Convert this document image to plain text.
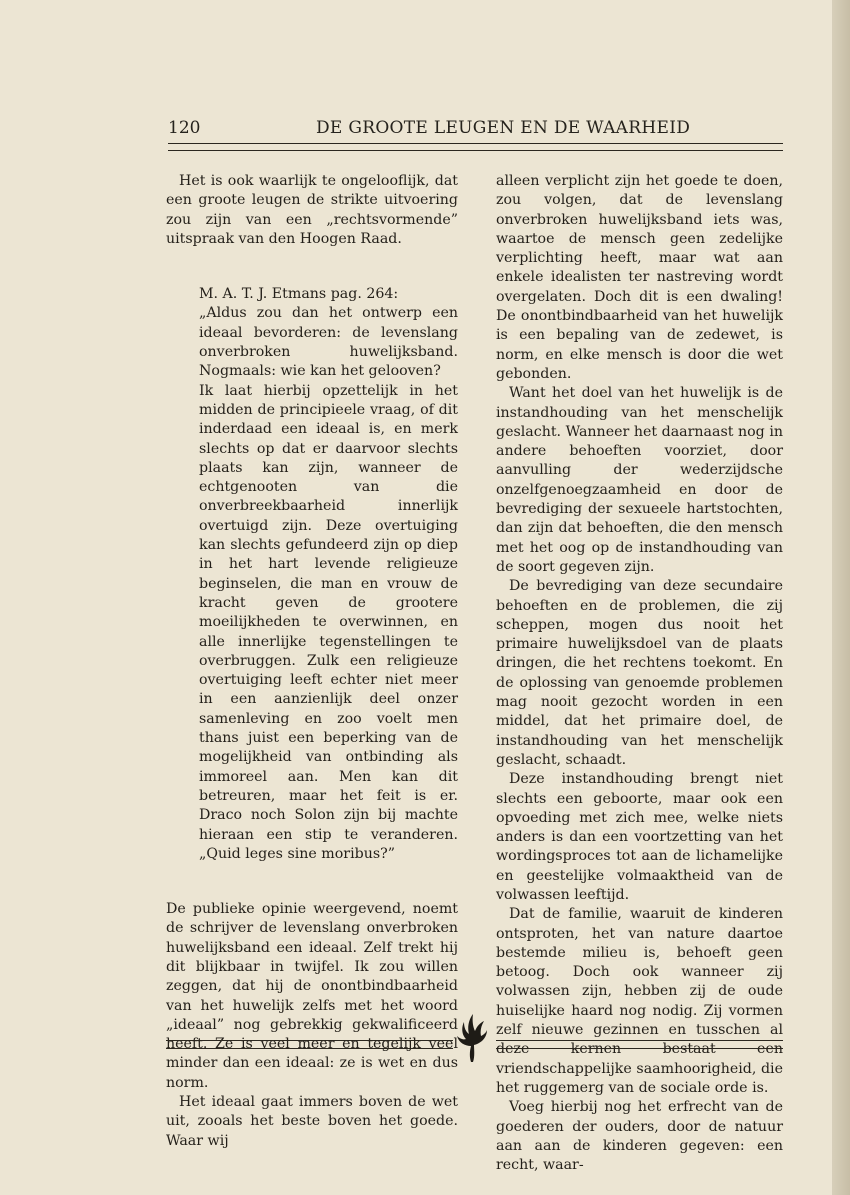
120	DE GROOTE LEUGEN EN DE WAARHEID

Het is ook waarlijk te ongelooflijk, dat een groote leugen de strikte uitvoering zou zijn van een „rechtsvormende” uitspraak van den Hoogen Raad.

M. A. T. J. Etmans pag. 264:

„Aldus zou dan het ontwerp een ideaal bevorderen: de levenslang onverbroken huwelijksband. Nogmaals: wie kan het gelooven?

Ik laat hierbij opzettelijk in het midden de principieele vraag, of dit inderdaad een ideaal is, en merk slechts op dat er daarvoor slechts plaats kan zijn, wanneer de echtgenooten van die onverbreekbaarheid innerlijk overtuigd zijn. Deze overtuiging kan slechts gefundeerd zijn op diep in het hart levende religieuze beginselen, die man en vrouw de kracht geven de grootere moeilijkheden te overwinnen, en alle innerlijke tegenstellingen te overbruggen. Zulk een religieuze overtuiging leeft echter niet meer in een aanzienlijk deel onzer samenleving en zoo voelt men thans juist een beperking van de mogelijkheid van ontbinding als immoreel aan. Men kan dit betreuren, maar het feit is er. Draco noch Solon zijn bij machte hieraan een stip te veranderen. „Quid leges sine moribus?”

De publieke opinie weergevend, noemt de schrijver de levenslang onverbroken huwelijksband een ideaal. Zelf trekt hij dit blijkbaar in twijfel. Ik zou willen zeggen, dat hij de onontbindbaarheid van het huwelijk zelfs met het woord „ideaal” nog gebrekkig gekwalificeerd heeft. Ze is veel meer en tegelijk veel minder dan een ideaal: ze is wet en dus norm.

Het ideaal gaat immers boven de wet uit, zooals het beste boven het goede. Waar wij

alleen verplicht zijn het goede te doen, zou volgen, dat de levenslang onverbroken huwelijksband iets was, waartoe de mensch geen zedelijke verplichting heeft, maar wat aan enkele idealisten ter nastreving wordt overgelaten. Doch dit is een dwaling! De onontbindbaarheid van het huwelijk is een bepaling van de zedewet, is norm, en elke mensch is door die wet gebonden.

Want het doel van het huwelijk is de instandhouding van het menschelijk geslacht. Wanneer het daarnaast nog in andere behoeften voorziet, door aanvulling der wederzijdsche onzelfgenoegzaamheid en door de bevrediging der sexueele hartstochten, dan zijn dat behoeften, die den mensch met het oog op de instandhouding van de soort gegeven zijn.

De bevrediging van deze secundaire behoeften en de problemen, die zij scheppen, mogen dus nooit het primaire huwelijksdoel van de plaats dringen, die het rechtens toekomt. En de oplossing van genoemde problemen mag nooit gezocht worden in een middel, dat het primaire doel, de instandhouding van het menschelijk geslacht, schaadt.

Deze instandhouding brengt niet slechts een geboorte, maar ook een opvoeding met zich mee, welke niets anders is dan een voortzetting van het wordingsproces tot aan de lichamelijke en geestelijke volmaaktheid van de volwassen leeftijd.

Dat de familie, waaruit de kinderen ontsproten, het van nature daartoe bestemde milieu is, behoeft geen betoog. Doch ook wanneer zij volwassen zijn, hebben zij de oude huiselijke haard nog nodig. Zij vormen zelf nieuwe gezinnen en tusschen al deze kernen bestaat een vriendschappelijke saamhoorigheid, die het ruggemerg van de sociale orde is.

Voeg hierbij nog het erfrecht van de goederen der ouders, door de natuur aan aan de kinderen gegeven: een recht, waar-
